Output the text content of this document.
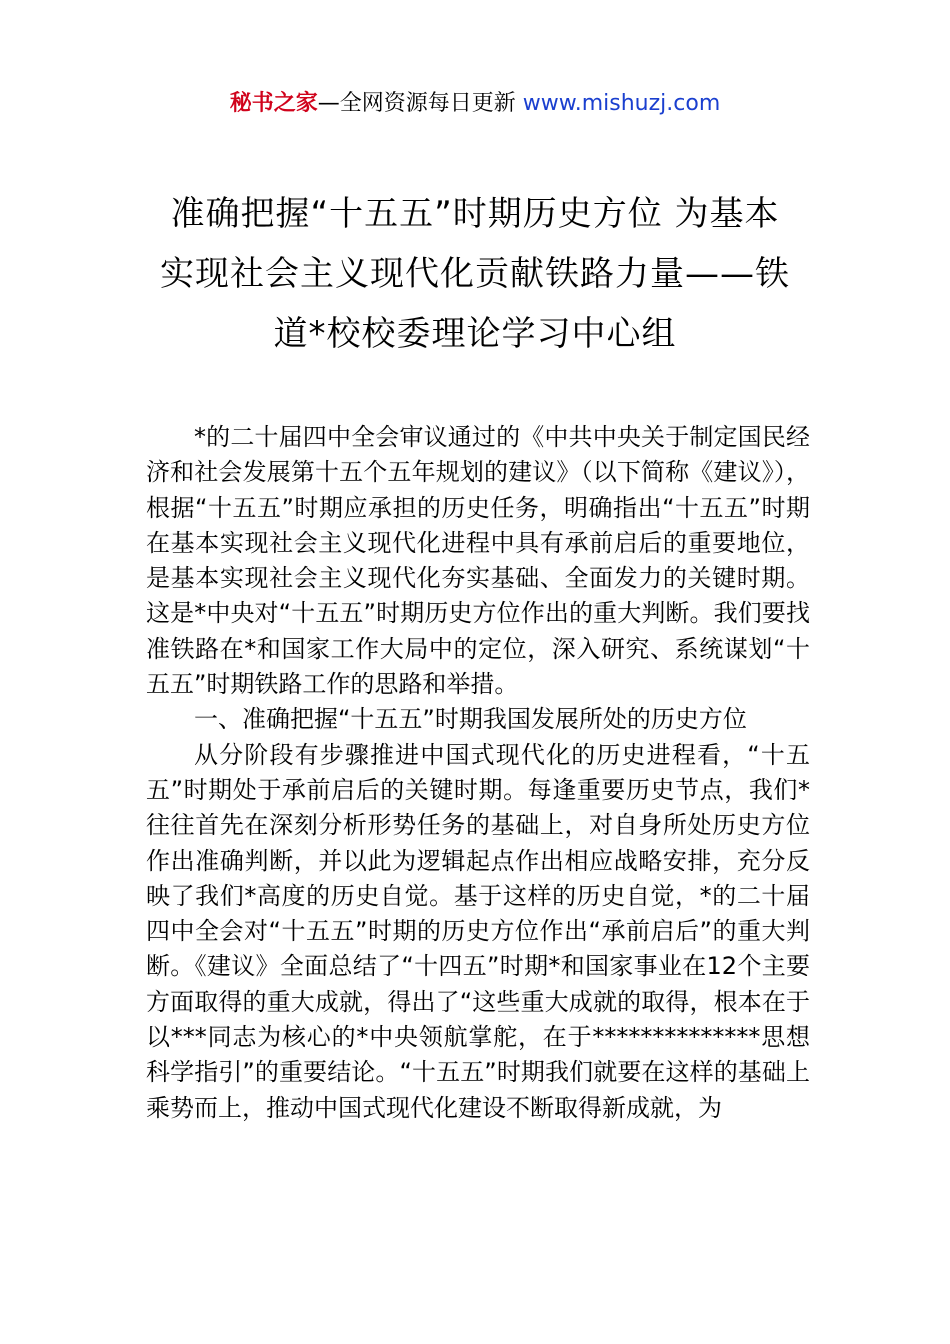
秘书之家—全网资源每日更新 www.mishuzj.com
准确把握“十五五”时期历史方位 为基本
实现社会主义现代化贡献铁路力量——铁
道*校校委理论学习中心组

*的二十届四中全会审议通过的《中共中央关于制定国民经济和社会发展第十五个五年规划的建议》（以下简称《建议》），根据“十五五”时期应承担的历史任务，明确指出“十五五”时期在基本实现社会主义现代化进程中具有承前启后的重要地位，是基本实现社会主义现代化夯实基础、全面发力的关键时期。这是*中央对“十五五”时期历史方位作出的重大判断。我们要找准铁路在*和国家工作大局中的定位，深入研究、系统谋划“十五五”时期铁路工作的思路和举措。

一、准确把握“十五五”时期我国发展所处的历史方位

从分阶段有步骤推进中国式现代化的历史进程看，“十五五”时期处于承前启后的关键时期。每逢重要历史节点，我们*往往首先在深刻分析形势任务的基础上，对自身所处历史方位作出准确判断，并以此为逻辑起点作出相应战略安排，充分反映了我们*高度的历史自觉。基于这样的历史自觉，*的二十届四中全会对“十五五”时期的历史方位作出“承前启后”的重大判断。《建议》全面总结了“十四五”时期*和国家事业在12个主要方面取得的重大成就，得出了“这些重大成就的取得，根本在于以***同志为核心的*中央领航掌舵，在于**************思想科学指引”的重要结论。“十五五”时期我们就要在这样的基础上乘势而上，推动中国式现代化建设不断取得新成就，为
